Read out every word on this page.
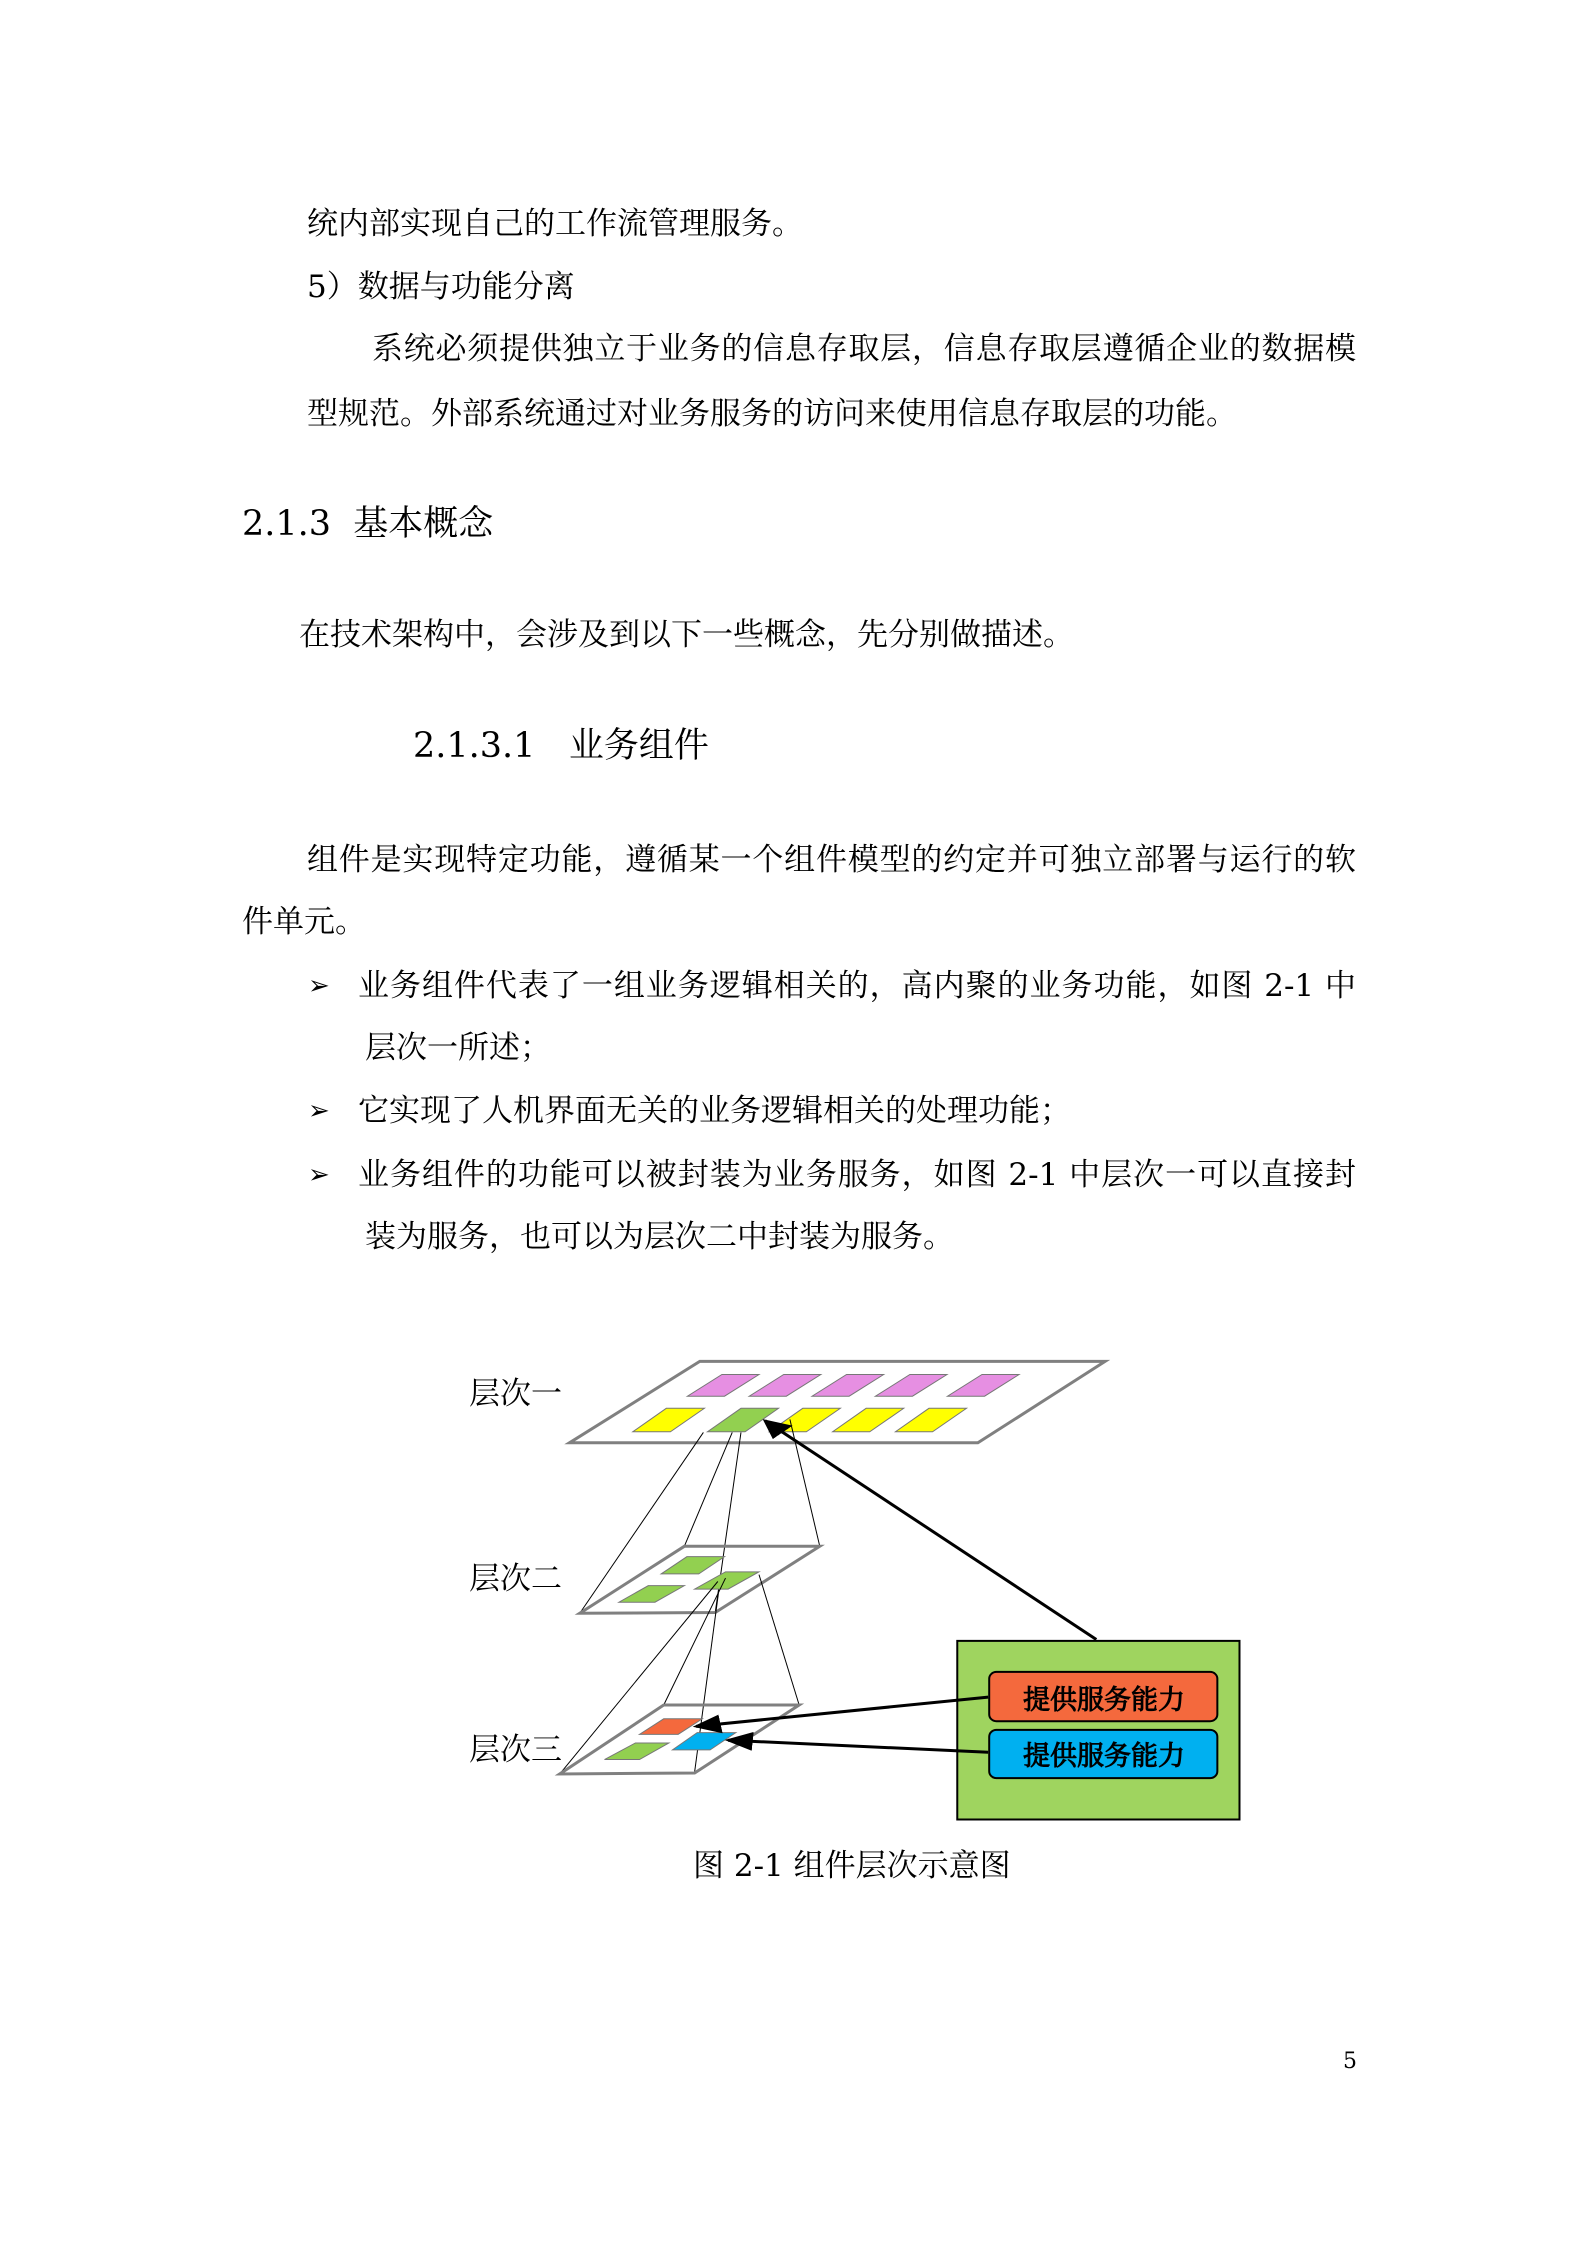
统内部实现自己的工作流管理服务。
5）数据与功能分离
系统必须提供独立于业务的信息存取层，信息存取层遵循企业的数据模
型规范。外部系统通过对业务服务的访问来使用信息存取层的功能。
2.1.3  基本概念
在技术架构中，会涉及到以下一些概念，先分别做描述。
2.1.3.1   业务组件
组件是实现特定功能，遵循某一个组件模型的约定并可独立部署与运行的软
件单元。
➢ 业务组件代表了一组业务逻辑相关的，高内聚的业务功能，如图 2-1 中
层次一所述；
➢ 它实现了人机界面无关的业务逻辑相关的处理功能；
➢ 业务组件的功能可以被封装为业务服务，如图 2-1 中层次一可以直接封
装为服务，也可以为层次二中封装为服务。
层次一
层次二
层次三
提供服务能力
提供服务能力
图 2-1 组件层次示意图
5
